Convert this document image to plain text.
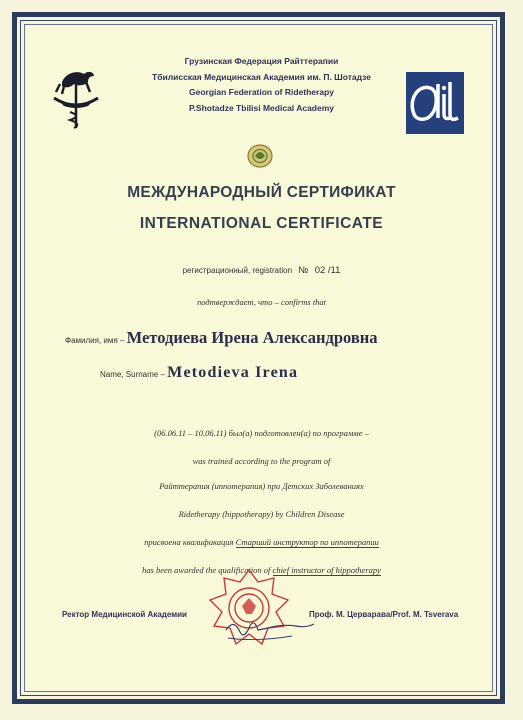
Грузинская Федерация Райттерапии
Тбилисская Медицинская Академия им. П. Шотадзе
Georgian Federation of Ridetherapy
P.Shotadze Tbilisi Medical Academy
МЕЖДУНАРОДНЫЙ СЕРТИФИКАТ
INTERNATIONAL CERTIFICATE
регистрационный, registration № 02 /11
подтверждает, что – confirms that
Фамилия, имя – Методиева Ирена Александровна
Name, Surname – Metodieva Irena
(06.06.11 – 10.06.11) был(а) подготовлен(а) по программе –
was trained according to the program of
Райттерапия (иппотерапия) при Детских Заболеваниях
Ridetherapy (hippotherapy) by Children Disease
присвоена квалификация Старший инструктор по иппотерапии
has been awarded the qualification of chief instructor of hippotherapy
Ректор Медицинской Академии	Проф. М. Церваравa/Prof. M. Tsverava
